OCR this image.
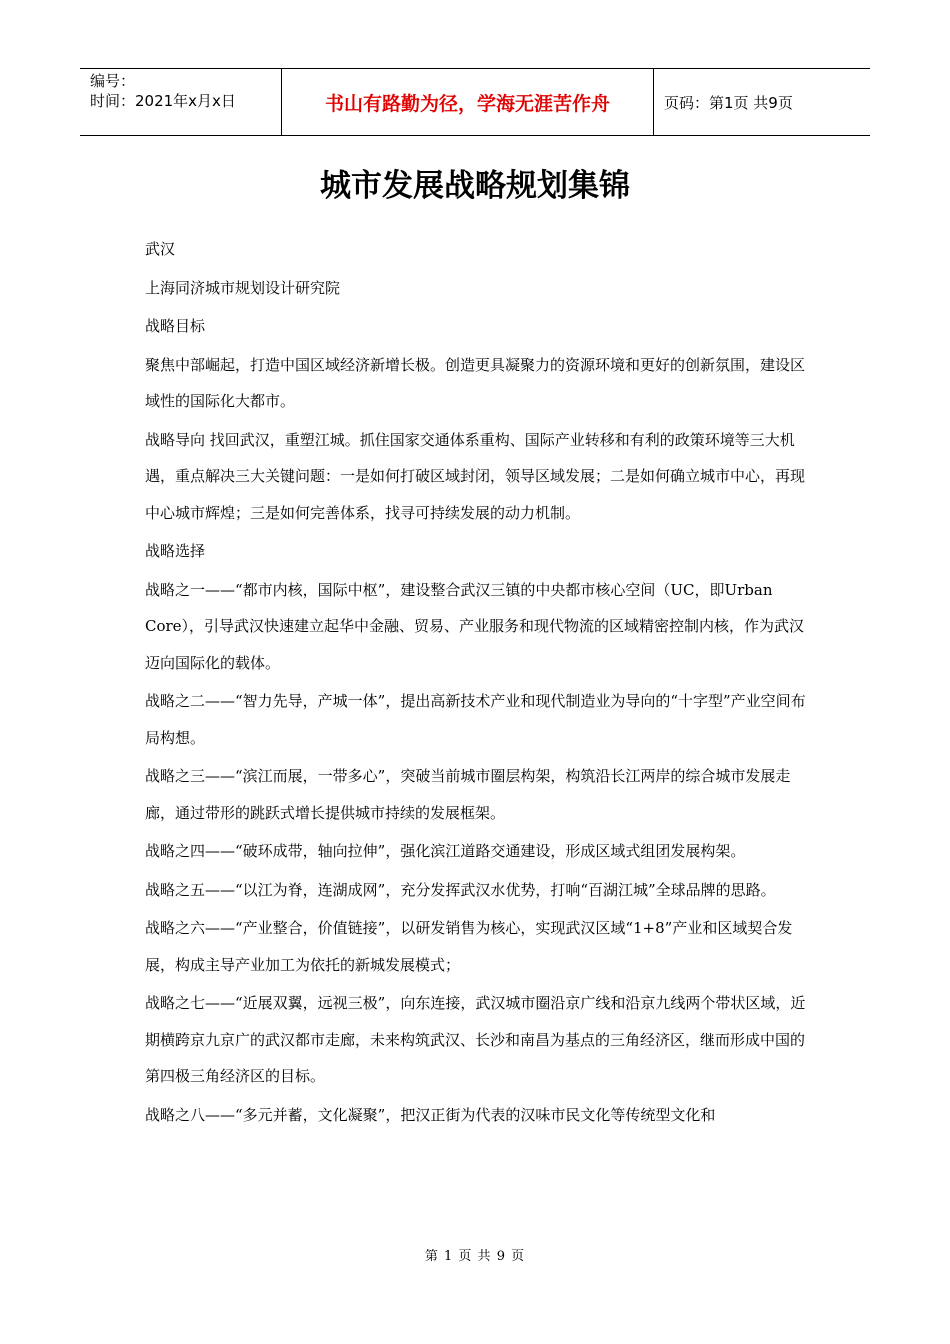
编号：
时间：2021年x月x日	书山有路勤为径，学海无涯苦作舟	页码：第1页 共9页
城市发展战略规划集锦

武汉

上海同济城市规划设计研究院

战略目标

聚焦中部崛起，打造中国区域经济新增长极。创造更具凝聚力的资源环境和更好的创新氛围，建设区域性的国际化大都市。

战略导向 找回武汉，重塑江城。抓住国家交通体系重构、国际产业转移和有利的政策环境等三大机遇，重点解决三大关键问题：一是如何打破区域封闭，领导区域发展；二是如何确立城市中心，再现中心城市辉煌；三是如何完善体系，找寻可持续发展的动力机制。

战略选择

战略之一——“都市内核，国际中枢”，建设整合武汉三镇的中央都市核心空间（UC，即Urban Core），引导武汉快速建立起华中金融、贸易、产业服务和现代物流的区域精密控制内核，作为武汉迈向国际化的载体。

战略之二——“智力先导，产城一体”，提出高新技术产业和现代制造业为导向的“十字型”产业空间布局构想。

战略之三——“滨江而展，一带多心”，突破当前城市圈层构架，构筑沿长江两岸的综合城市发展走廊，通过带形的跳跃式增长提供城市持续的发展框架。

战略之四——“破环成带，轴向拉伸”，强化滨江道路交通建设，形成区域式组团发展构架。

战略之五——“以江为脊，连湖成网”，充分发挥武汉水优势，打响“百湖江城”全球品牌的思路。

战略之六——“产业整合，价值链接”，以研发销售为核心，实现武汉区域“1+8”产业和区域契合发展，构成主导产业加工为依托的新城发展模式；

战略之七——“近展双翼，远视三极”，向东连接，武汉城市圈沿京广线和沿京九线两个带状区域，近期横跨京九京广的武汉都市走廊，未来构筑武汉、长沙和南昌为基点的三角经济区，继而形成中国的第四极三角经济区的目标。

战略之八——“多元并蓄，文化凝聚”，把汉正街为代表的汉味市民文化等传统型文化和

第 1 页 共 9 页
